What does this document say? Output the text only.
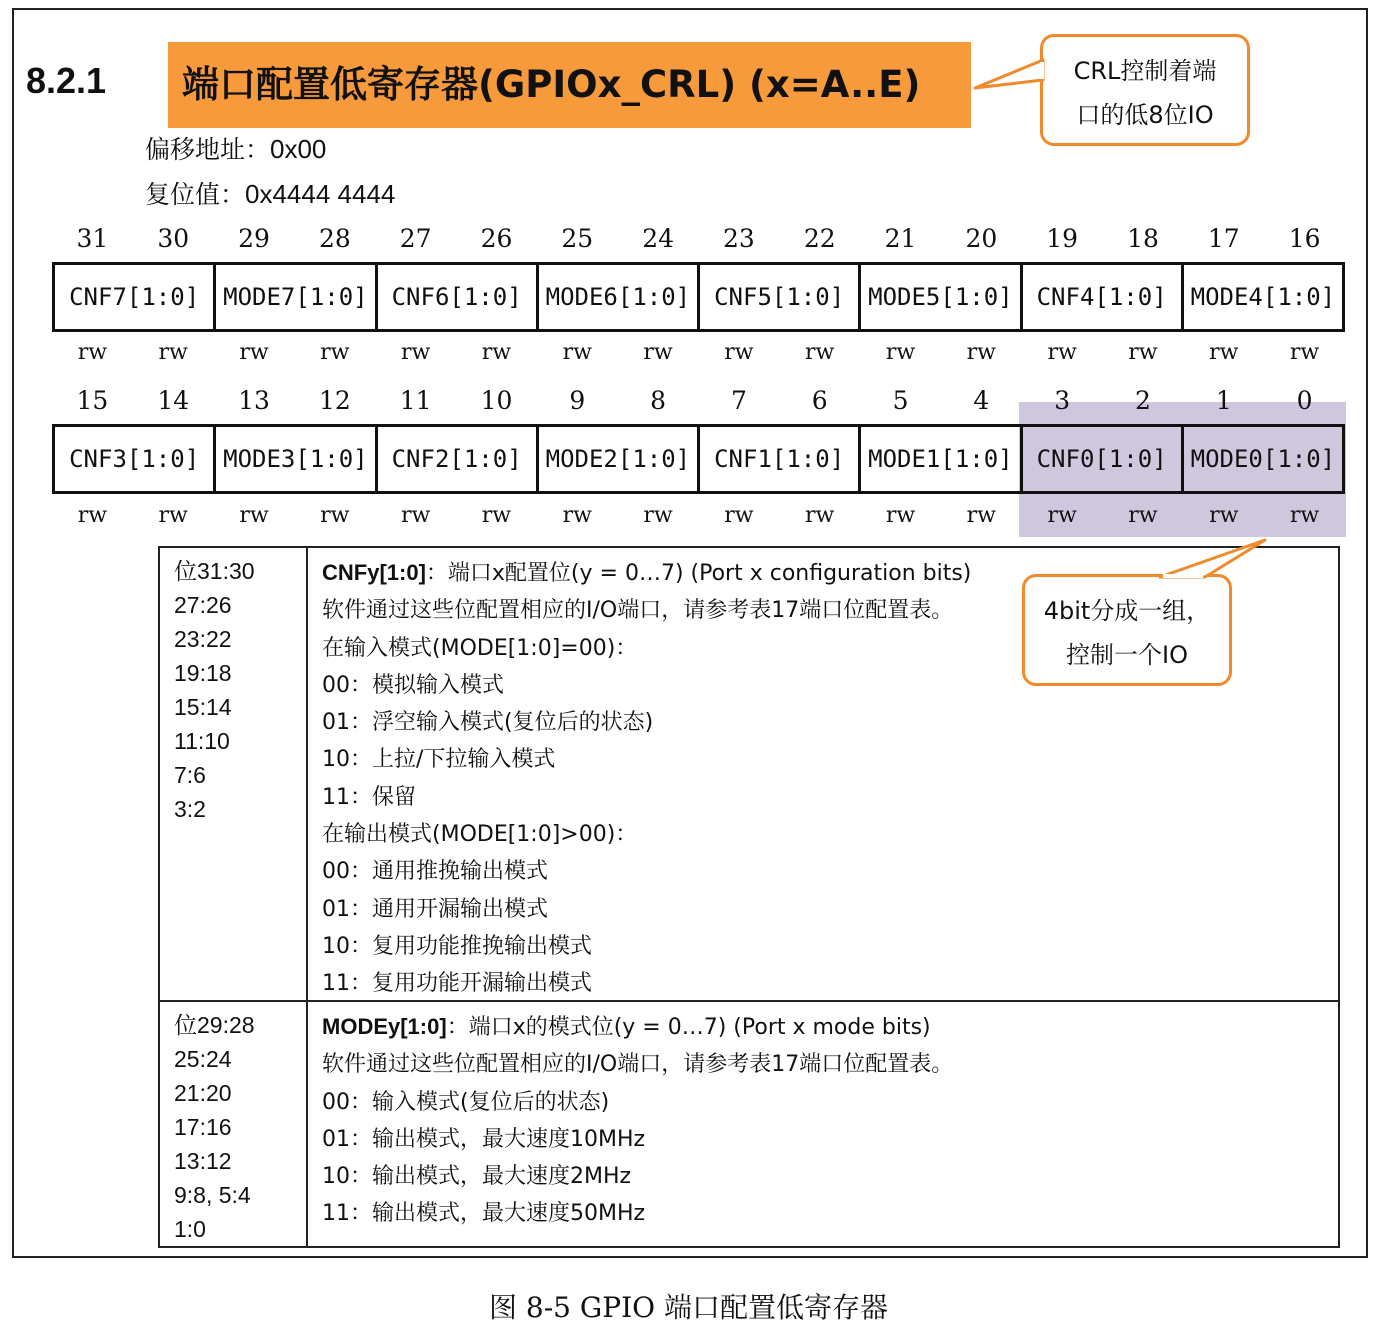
8.2.1	端口配置低寄存器(GPIOx_CRL) (x=A..E)
偏移地址：0x00
复位值：0x4444 4444
CRL控制着端
口的低8位IO
31	30	29	28	27	26	25	24	23	22	21	20	19	18	17	16
CNF7[1:0] MODE7[1:0] CNF6[1:0] MODE6[1:0] CNF5[1:0] MODE5[1:0] CNF4[1:0] MODE4[1:0]
rw	rw	rw	rw	rw	rw	rw	rw	rw	rw	rw	rw	rw	rw	rw	rw
15	14	13	12	11	10	9	8	7	6	5	4	3	2	1	0
CNF3[1:0] MODE3[1:0] CNF2[1:0] MODE2[1:0] CNF1[1:0] MODE1[1:0] CNF0[1:0] MODE0[1:0]
rw	rw	rw	rw	rw	rw	rw	rw	rw	rw	rw	rw	rw	rw	rw	rw
位31:30
27:26
23:22
19:18
15:14
11:10
7:6
3:2
CNFy[1:0]：端口x配置位(y = 0…7) (Port x configuration bits)
软件通过这些位配置相应的I/O端口，请参考表17端口位配置表。
在输入模式(MODE[1:0]=00)：
00：模拟输入模式
01：浮空输入模式(复位后的状态)
10：上拉/下拉输入模式
11：保留
在输出模式(MODE[1:0]>00)：
00：通用推挽输出模式
01：通用开漏输出模式
10：复用功能推挽输出模式
11：复用功能开漏输出模式
位29:28
25:24
21:20
17:16
13:12
9:8, 5:4
1:0
MODEy[1:0]：端口x的模式位(y = 0…7) (Port x mode bits)
软件通过这些位配置相应的I/O端口，请参考表17端口位配置表。
00：输入模式(复位后的状态)
01：输出模式，最大速度10MHz
10：输出模式，最大速度2MHz
11：输出模式，最大速度50MHz
4bit分成一组，
控制一个IO
图 8-5 GPIO 端口配置低寄存器
